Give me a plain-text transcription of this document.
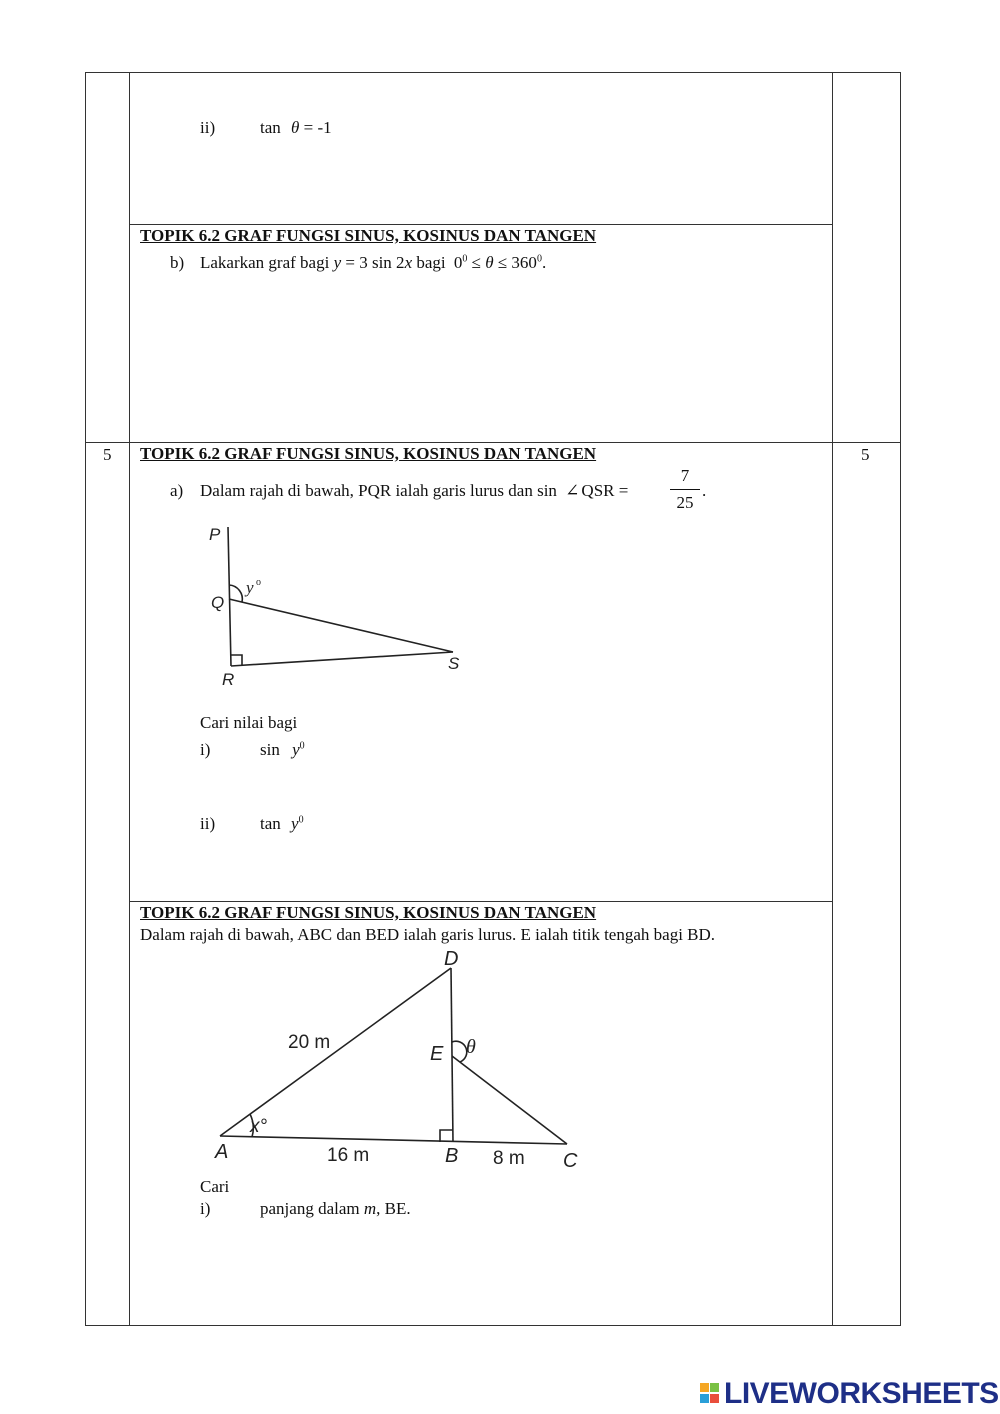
ii)	tan θ = -1
TOPIK 6.2 GRAF FUNGSI SINUS, KOSINUS DAN TANGEN
b) Lakarkan graf bagi y = 3 sin 2x bagi $0^0 \le \theta \le 360^0$.
5	5
TOPIK 6.2 GRAF FUNGSI SINUS, KOSINUS DAN TANGEN
a) Dalam rajah di bawah, PQR ialah garis lurus dan sin ∠ QSR = $\frac{7}{25}$ .
P
Q
R
S
y o
Cari nilai bagi
i)	$\sin y^0$
ii)	$\tan y^0$
TOPIK 6.2 GRAF FUNGSI SINUS, KOSINUS DAN TANGEN
Dalam rajah di bawah, ABC dan BED ialah garis lurus. E ialah titik tengah bagi BD.
D
E
A	B	C
θ
x°
20 m
16 m	8 m
Cari
i)	panjang dalam m, BE.
LIVEWORKSHEETS
